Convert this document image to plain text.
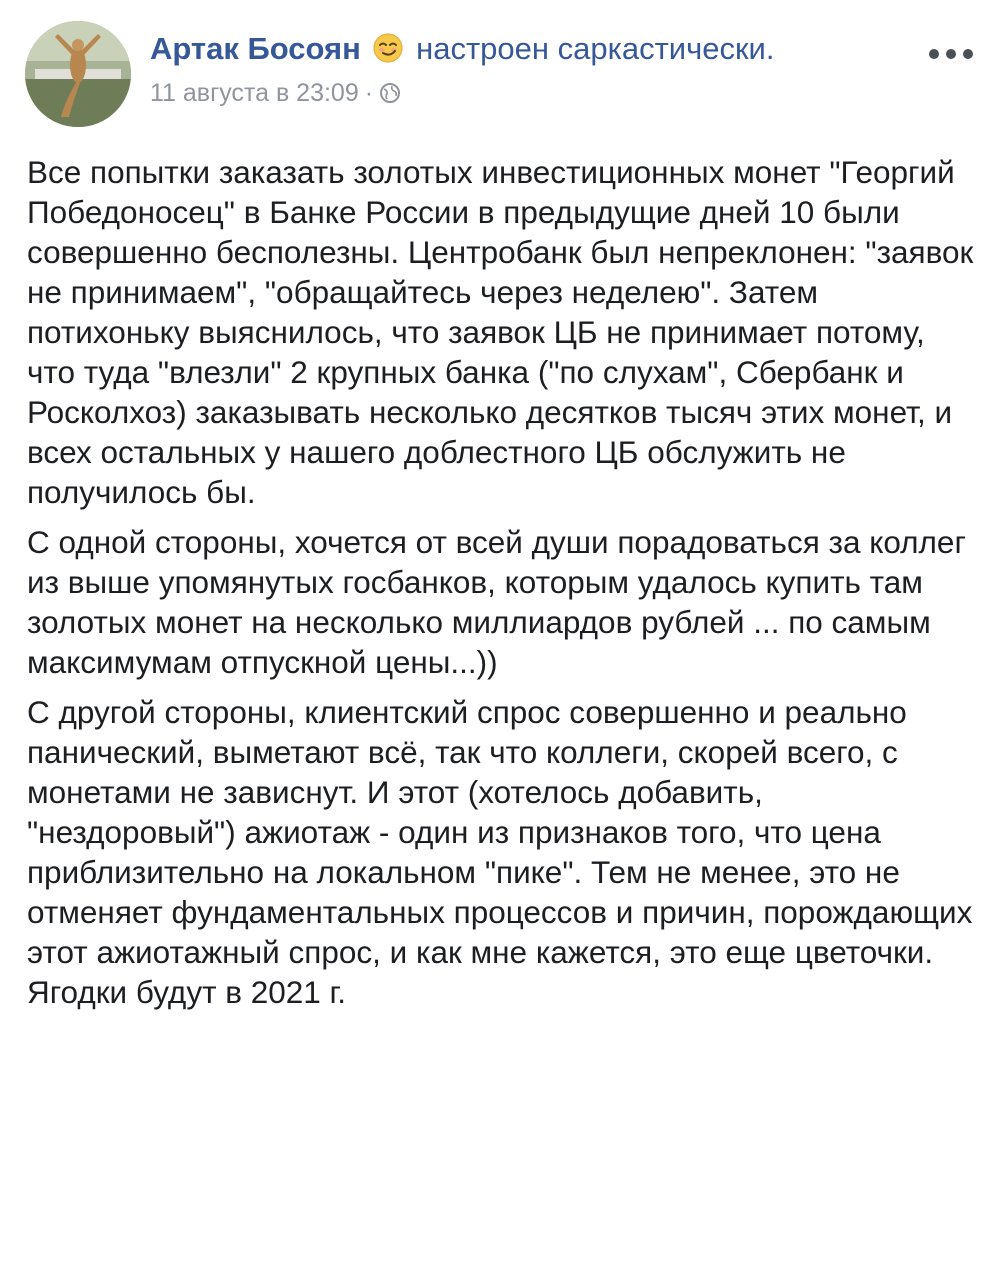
Артак Босоян настроен саркастически.
11 августа в 23:09 ·

Все попытки заказать золотых инвестиционных монет "Георгий Победоносец" в Банке России в предыдущие дней 10 были совершенно бесполезны. Центробанк был непреклонен: "заявок не принимаем", "обращайтесь через неделею". Затем потихоньку выяснилось, что заявок ЦБ не принимает потому, что туда "влезли" 2 крупных банка ("по слухам", Сбербанк и Росколхоз) заказывать несколько десятков тысяч этих монет, и всех остальных у нашего доблестного ЦБ обслужить не получилось бы.

С одной стороны, хочется от всей души порадоваться за коллег из выше упомянутых госбанков, которым удалось купить там золотых монет на несколько миллиардов рублей ... по самым максимумам отпускной цены...))

С другой стороны, клиентский спрос совершенно и реально панический, выметают всё, так что коллеги, скорей всего, с монетами не зависнут. И этот (хотелось добавить, "нездоровый") ажиотаж - один из признаков того, что цена приблизительно на локальном "пике". Тем не менее, это не отменяет фундаментальных процессов и причин, порождающих этот ажиотажный спрос, и как мне кажется, это еще цветочки. Ягодки будут в 2021 г.
